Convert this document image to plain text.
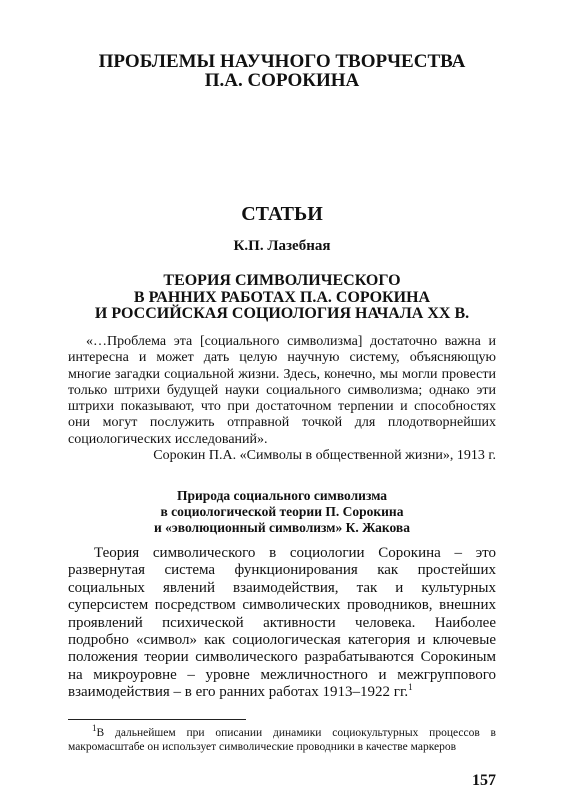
ПРОБЛЕМЫ НАУЧНОГО ТВОРЧЕСТВА
П.А. СОРОКИНА
СТАТЬИ
К.П. Лазебная
ТЕОРИЯ СИМВОЛИЧЕСКОГО
В РАННИХ РАБОТАХ П.А. СОРОКИНА
И РОССИЙСКАЯ СОЦИОЛОГИЯ НАЧАЛА XX В.

«…Проблема эта [социального символизма] достаточно важна и интересна и может дать целую научную систему, объясняющую многие загадки социальной жизни. Здесь, конечно, мы могли провести только штрихи будущей науки социального символизма; однако эти штрихи показывают, что при достаточном терпении и способностях они могут послужить отправной точкой для плодотворнейших социологических исследований».

Сорокин П.А. «Символы в общественной жизни», 1913 г.
Природа социального символизма
в социологической теории П. Сорокина
и «эволюционный символизм» К. Жакова

Теория символического в социологии Сорокина – это развернутая система функционирования как простейших социальных явлений взаимодействия, так и культурных суперсистем посредством символических проводников, внешних проявлений психической активности человека. Наиболее подробно «символ» как социологическая категория и ключевые положения теории символического разрабатываются Сорокиным на микроуровне – уровне межличностного и межгруппового взаимодействия – в его ранних работах 1913–1922 гг.$^1$

$^1$В дальнейшем при описании динамики социокультурных процессов в макромасштабе он использует символические проводники в качестве маркеров

157
